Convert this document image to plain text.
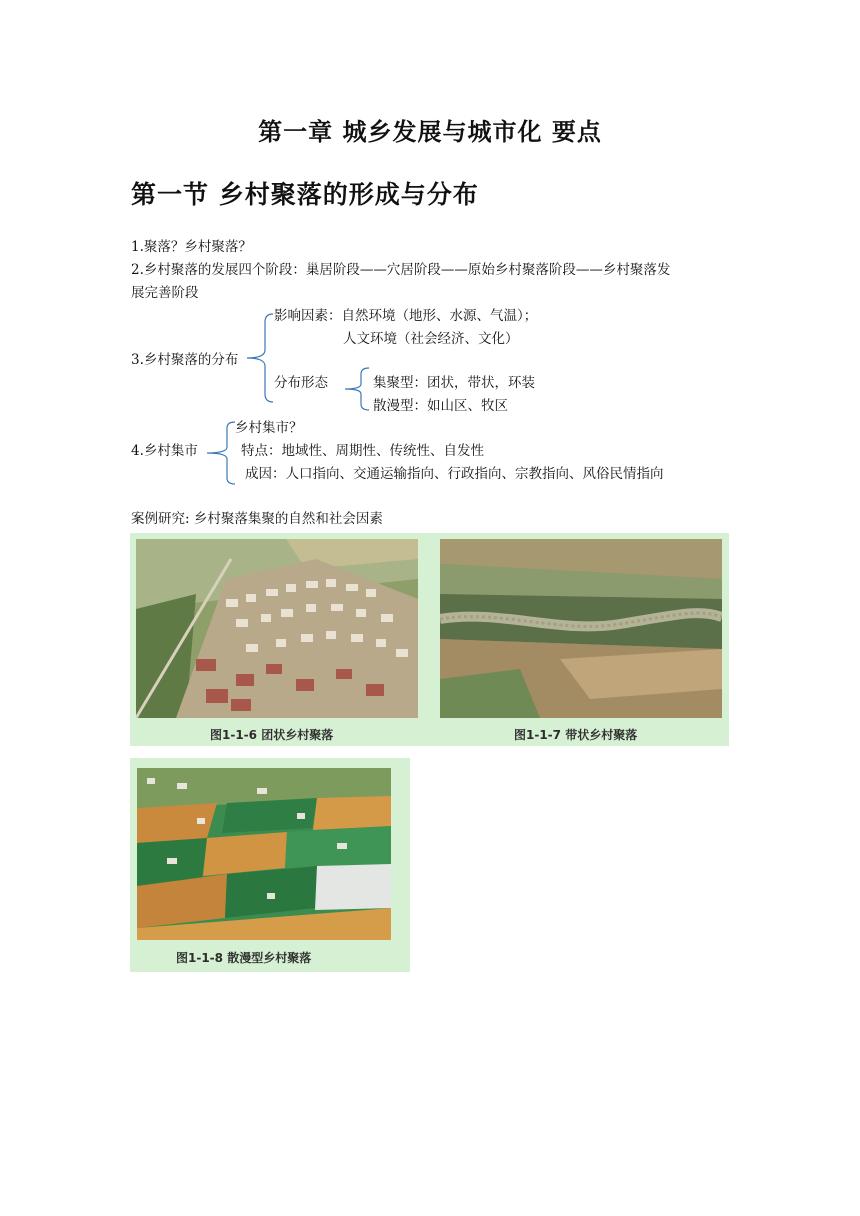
第一章 城乡发展与城市化 要点
第一节 乡村聚落的形成与分布
1.聚落？乡村聚落？
2.乡村聚落的发展四个阶段：巢居阶段——穴居阶段——原始乡村聚落阶段——乡村聚落发
展完善阶段
3.乡村聚落的分布
影响因素：自然环境（地形、水源、气温）；
人文环境（社会经济、文化）
分布形态	集聚型：团状，带状，环装
散漫型：如山区、牧区
4.乡村集市
乡村集市？
特点：地域性、周期性、传统性、自发性
成因：人口指向、交通运输指向、行政指向、宗教指向、风俗民情指向
案例研究: 乡村聚落集聚的自然和社会因素
图1-1-6 团状乡村聚落	图1-1-7 带状乡村聚落
图1-1-8 散漫型乡村聚落
